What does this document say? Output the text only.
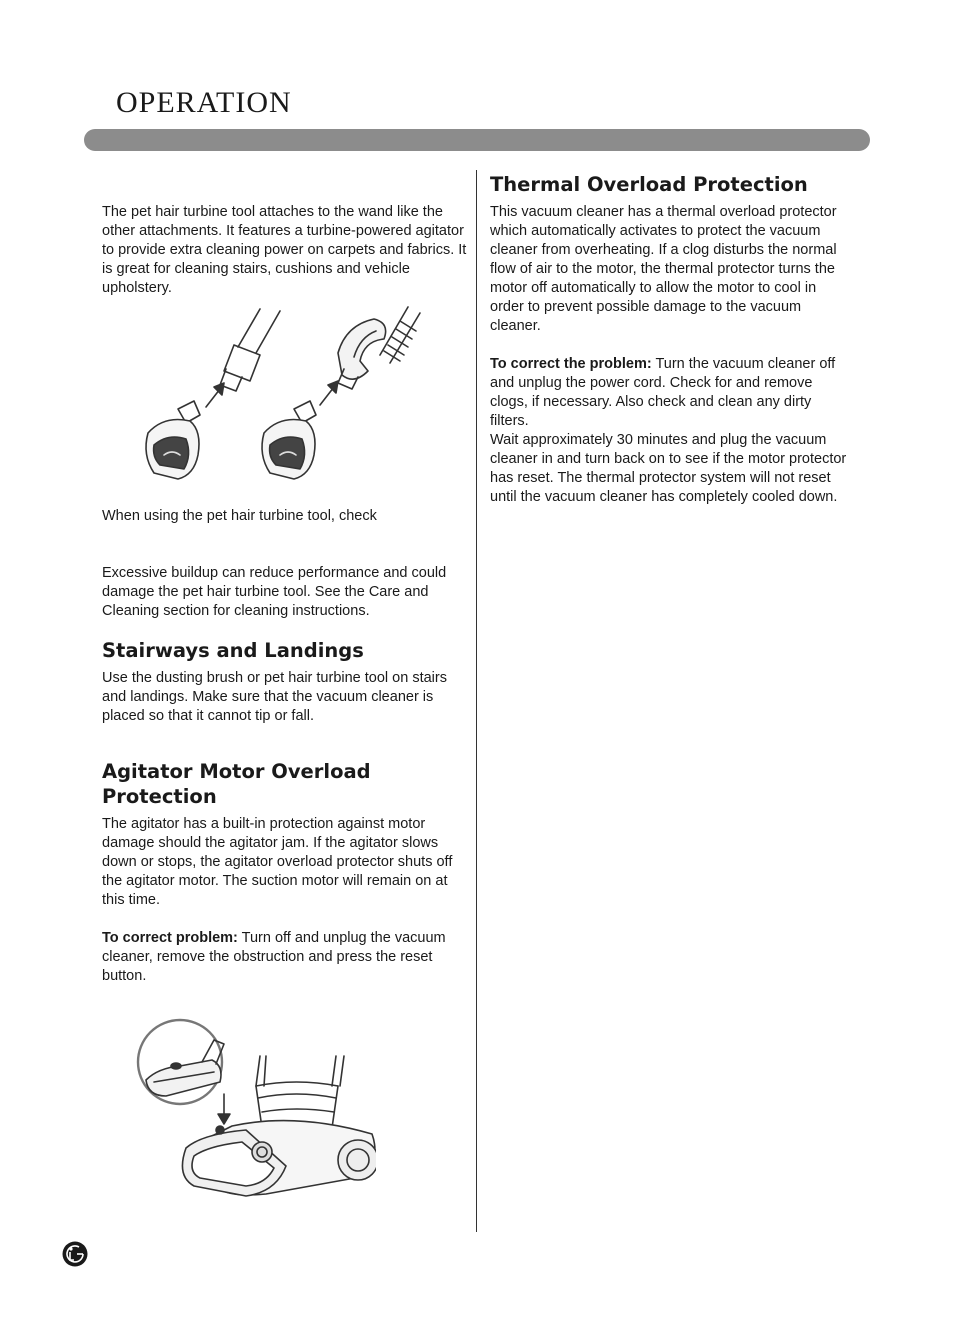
OPERATION

The pet hair turbine tool attaches to the wand like the other attachments. It features a turbine-powered agitator to provide extra cleaning power on carpets and fabrics. It is great for cleaning stairs, cushions and vehicle upholstery.

When using the pet hair turbine tool, check

Excessive buildup can reduce performance and could damage the pet hair turbine tool. See the Care and Cleaning section for cleaning instructions.

Stairways and Landings

Use the dusting brush or pet hair turbine tool on stairs and landings. Make sure that the vacuum cleaner is placed so that it cannot tip or fall.

Agitator Motor Overload Protection

The agitator has a built-in protection against motor damage should the agitator jam. If the agitator slows down or stops, the agitator overload protector shuts off the agitator motor. The suction motor will remain on at this time.

To correct problem: Turn off and unplug the vacuum cleaner, remove the obstruction and press the reset button.

Thermal Overload Protection

This vacuum cleaner has a thermal overload protector which automatically activates to protect the vacuum cleaner from overheating. If a clog disturbs the normal flow of air to the motor, the thermal protector turns the motor off automatically to allow the motor to cool in order to prevent possible damage to the vacuum cleaner.

To correct the problem: Turn the vacuum cleaner off and unplug the power cord. Check for and remove clogs, if necessary. Also check and clean any dirty filters.

Wait approximately 30 minutes and plug the vacuum cleaner in and turn back on to see if the motor protector has reset. The thermal protector system will not reset until the vacuum cleaner has completely cooled down.
